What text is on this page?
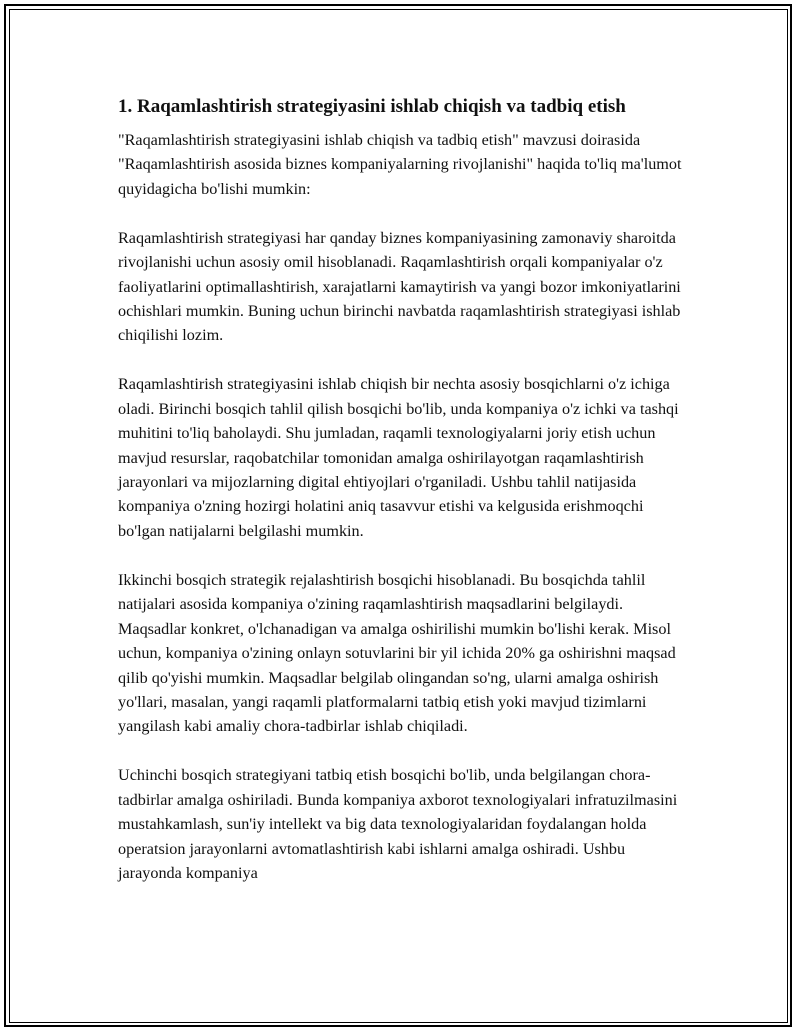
1. Raqamlashtirish strategiyasini ishlab chiqish va tadbiq etish

"Raqamlashtirish strategiyasini ishlab chiqish va tadbiq etish" mavzusi doirasida "Raqamlashtirish asosida biznes kompaniyalarning rivojlanishi" haqida to'liq ma'lumot quyidagicha bo'lishi mumkin:

Raqamlashtirish strategiyasi har qanday biznes kompaniyasining zamonaviy sharoitda rivojlanishi uchun asosiy omil hisoblanadi. Raqamlashtirish orqali kompaniyalar o'z faoliyatlarini optimallashtirish, xarajatlarni kamaytirish va yangi bozor imkoniyatlarini ochishlari mumkin. Buning uchun birinchi navbatda raqamlashtirish strategiyasi ishlab chiqilishi lozim.

Raqamlashtirish strategiyasini ishlab chiqish bir nechta asosiy bosqichlarni o'z ichiga oladi. Birinchi bosqich tahlil qilish bosqichi bo'lib, unda kompaniya o'z ichki va tashqi muhitini to'liq baholaydi. Shu jumladan, raqamli texnologiyalarni joriy etish uchun mavjud resurslar, raqobatchilar tomonidan amalga oshirilayotgan raqamlashtirish jarayonlari va mijozlarning digital ehtiyojlari o'rganiladi. Ushbu tahlil natijasida kompaniya o'zning hozirgi holatini aniq tasavvur etishi va kelgusida erishmoqchi bo'lgan natijalarni belgilashi mumkin.

Ikkinchi bosqich strategik rejalashtirish bosqichi hisoblanadi. Bu bosqichda tahlil natijalari asosida kompaniya o'zining raqamlashtirish maqsadlarini belgilaydi. Maqsadlar konkret, o'lchanadigan va amalga oshirilishi mumkin bo'lishi kerak. Misol uchun, kompaniya o'zining onlayn sotuvlarini bir yil ichida 20% ga oshirishni maqsad qilib qo'yishi mumkin. Maqsadlar belgilab olingandan so'ng, ularni amalga oshirish yo'llari, masalan, yangi raqamli platformalarni tatbiq etish yoki mavjud tizimlarni yangilash kabi amaliy chora-tadbirlar ishlab chiqiladi.

Uchinchi bosqich strategiyani tatbiq etish bosqichi bo'lib, unda belgilangan chora-tadbirlar amalga oshiriladi. Bunda kompaniya axborot texnologiyalari infratuzilmasini mustahkamlash, sun'iy intellekt va big data texnologiyalaridan foydalangan holda operatsion jarayonlarni avtomatlashtirish kabi ishlarni amalga oshiradi. Ushbu jarayonda kompaniya
